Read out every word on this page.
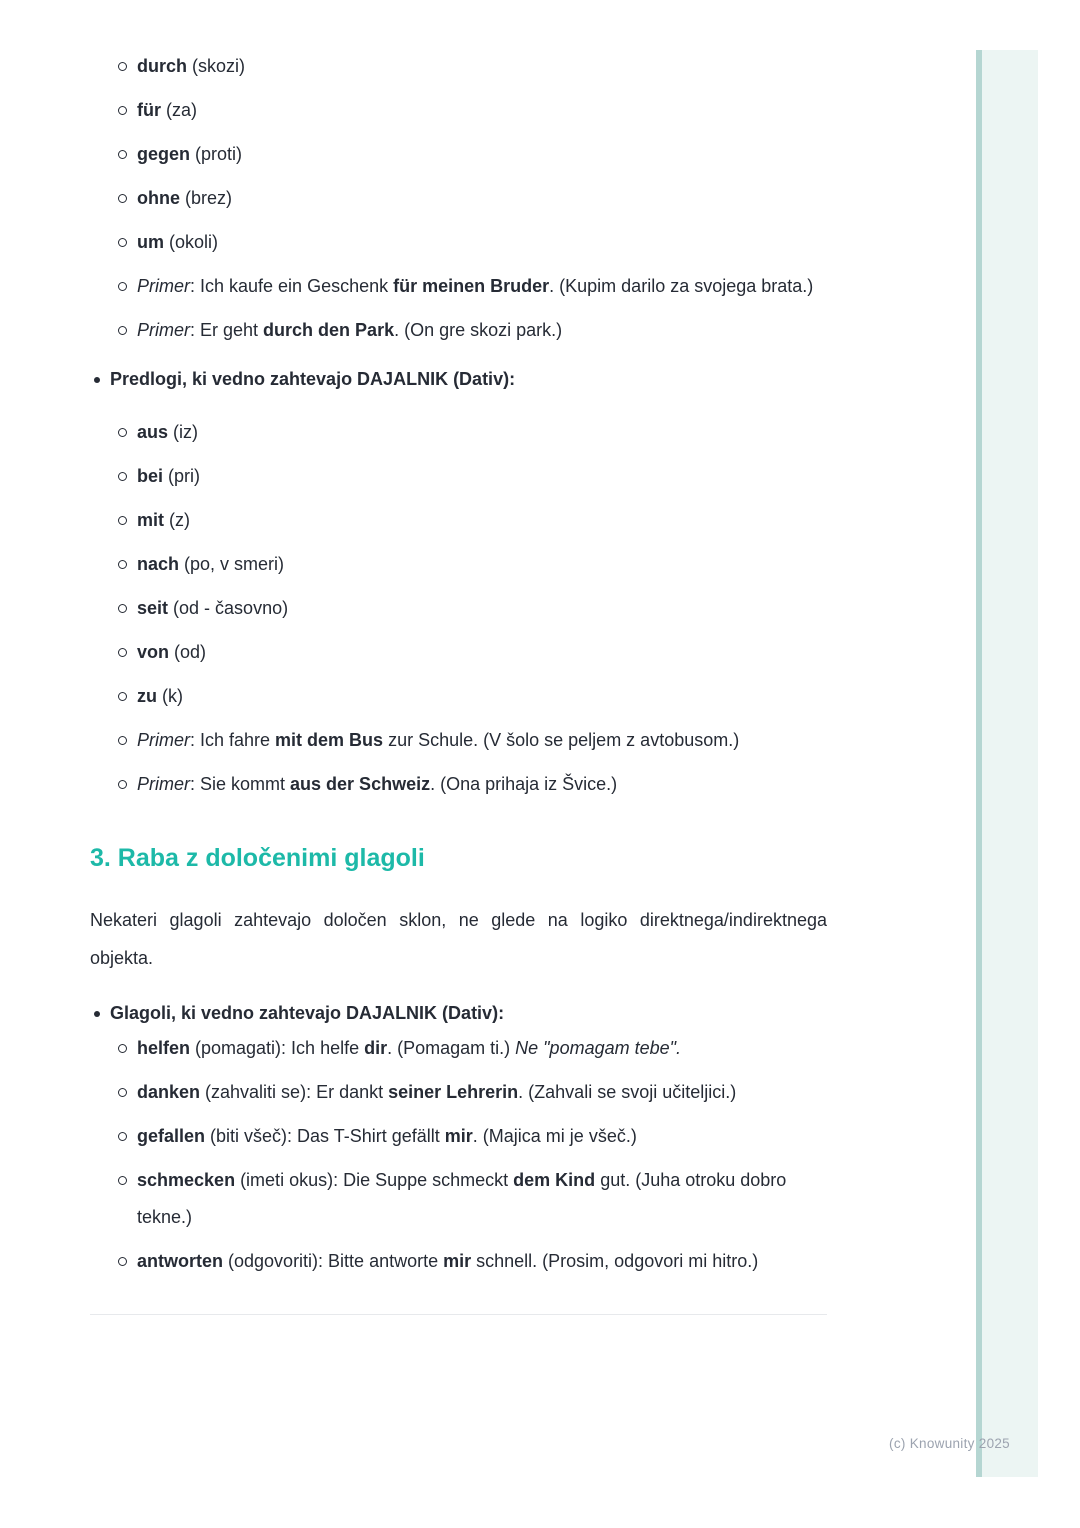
durch (skozi)
für (za)
gegen (proti)
ohne (brez)
um (okoli)
Primer: Ich kaufe ein Geschenk für meinen Bruder. (Kupim darilo za svojega brata.)
Primer: Er geht durch den Park. (On gre skozi park.)
Predlogi, ki vedno zahtevajo DAJALNIK (Dativ):
aus (iz)
bei (pri)
mit (z)
nach (po, v smeri)
seit (od - časovno)
von (od)
zu (k)
Primer: Ich fahre mit dem Bus zur Schule. (V šolo se peljem z avtobusom.)
Primer: Sie kommt aus der Schweiz. (Ona prihaja iz Švice.)
3. Raba z določenimi glagoli

Nekateri glagoli zahtevajo določen sklon, ne glede na logiko direktnega/indirektnega objekta.

Glagoli, ki vedno zahtevajo DAJALNIK (Dativ):
helfen (pomagati): Ich helfe dir. (Pomagam ti.) Ne "pomagam tebe".
danken (zahvaliti se): Er dankt seiner Lehrerin. (Zahvali se svoji učiteljici.)
gefallen (biti všeč): Das T-Shirt gefällt mir. (Majica mi je všeč.)
schmecken (imeti okus): Die Suppe schmeckt dem Kind gut. (Juha otroku dobro tekne.)
antworten (odgovoriti): Bitte antworte mir schnell. (Prosim, odgovori mi hitro.)
(c) Knowunity 2025
